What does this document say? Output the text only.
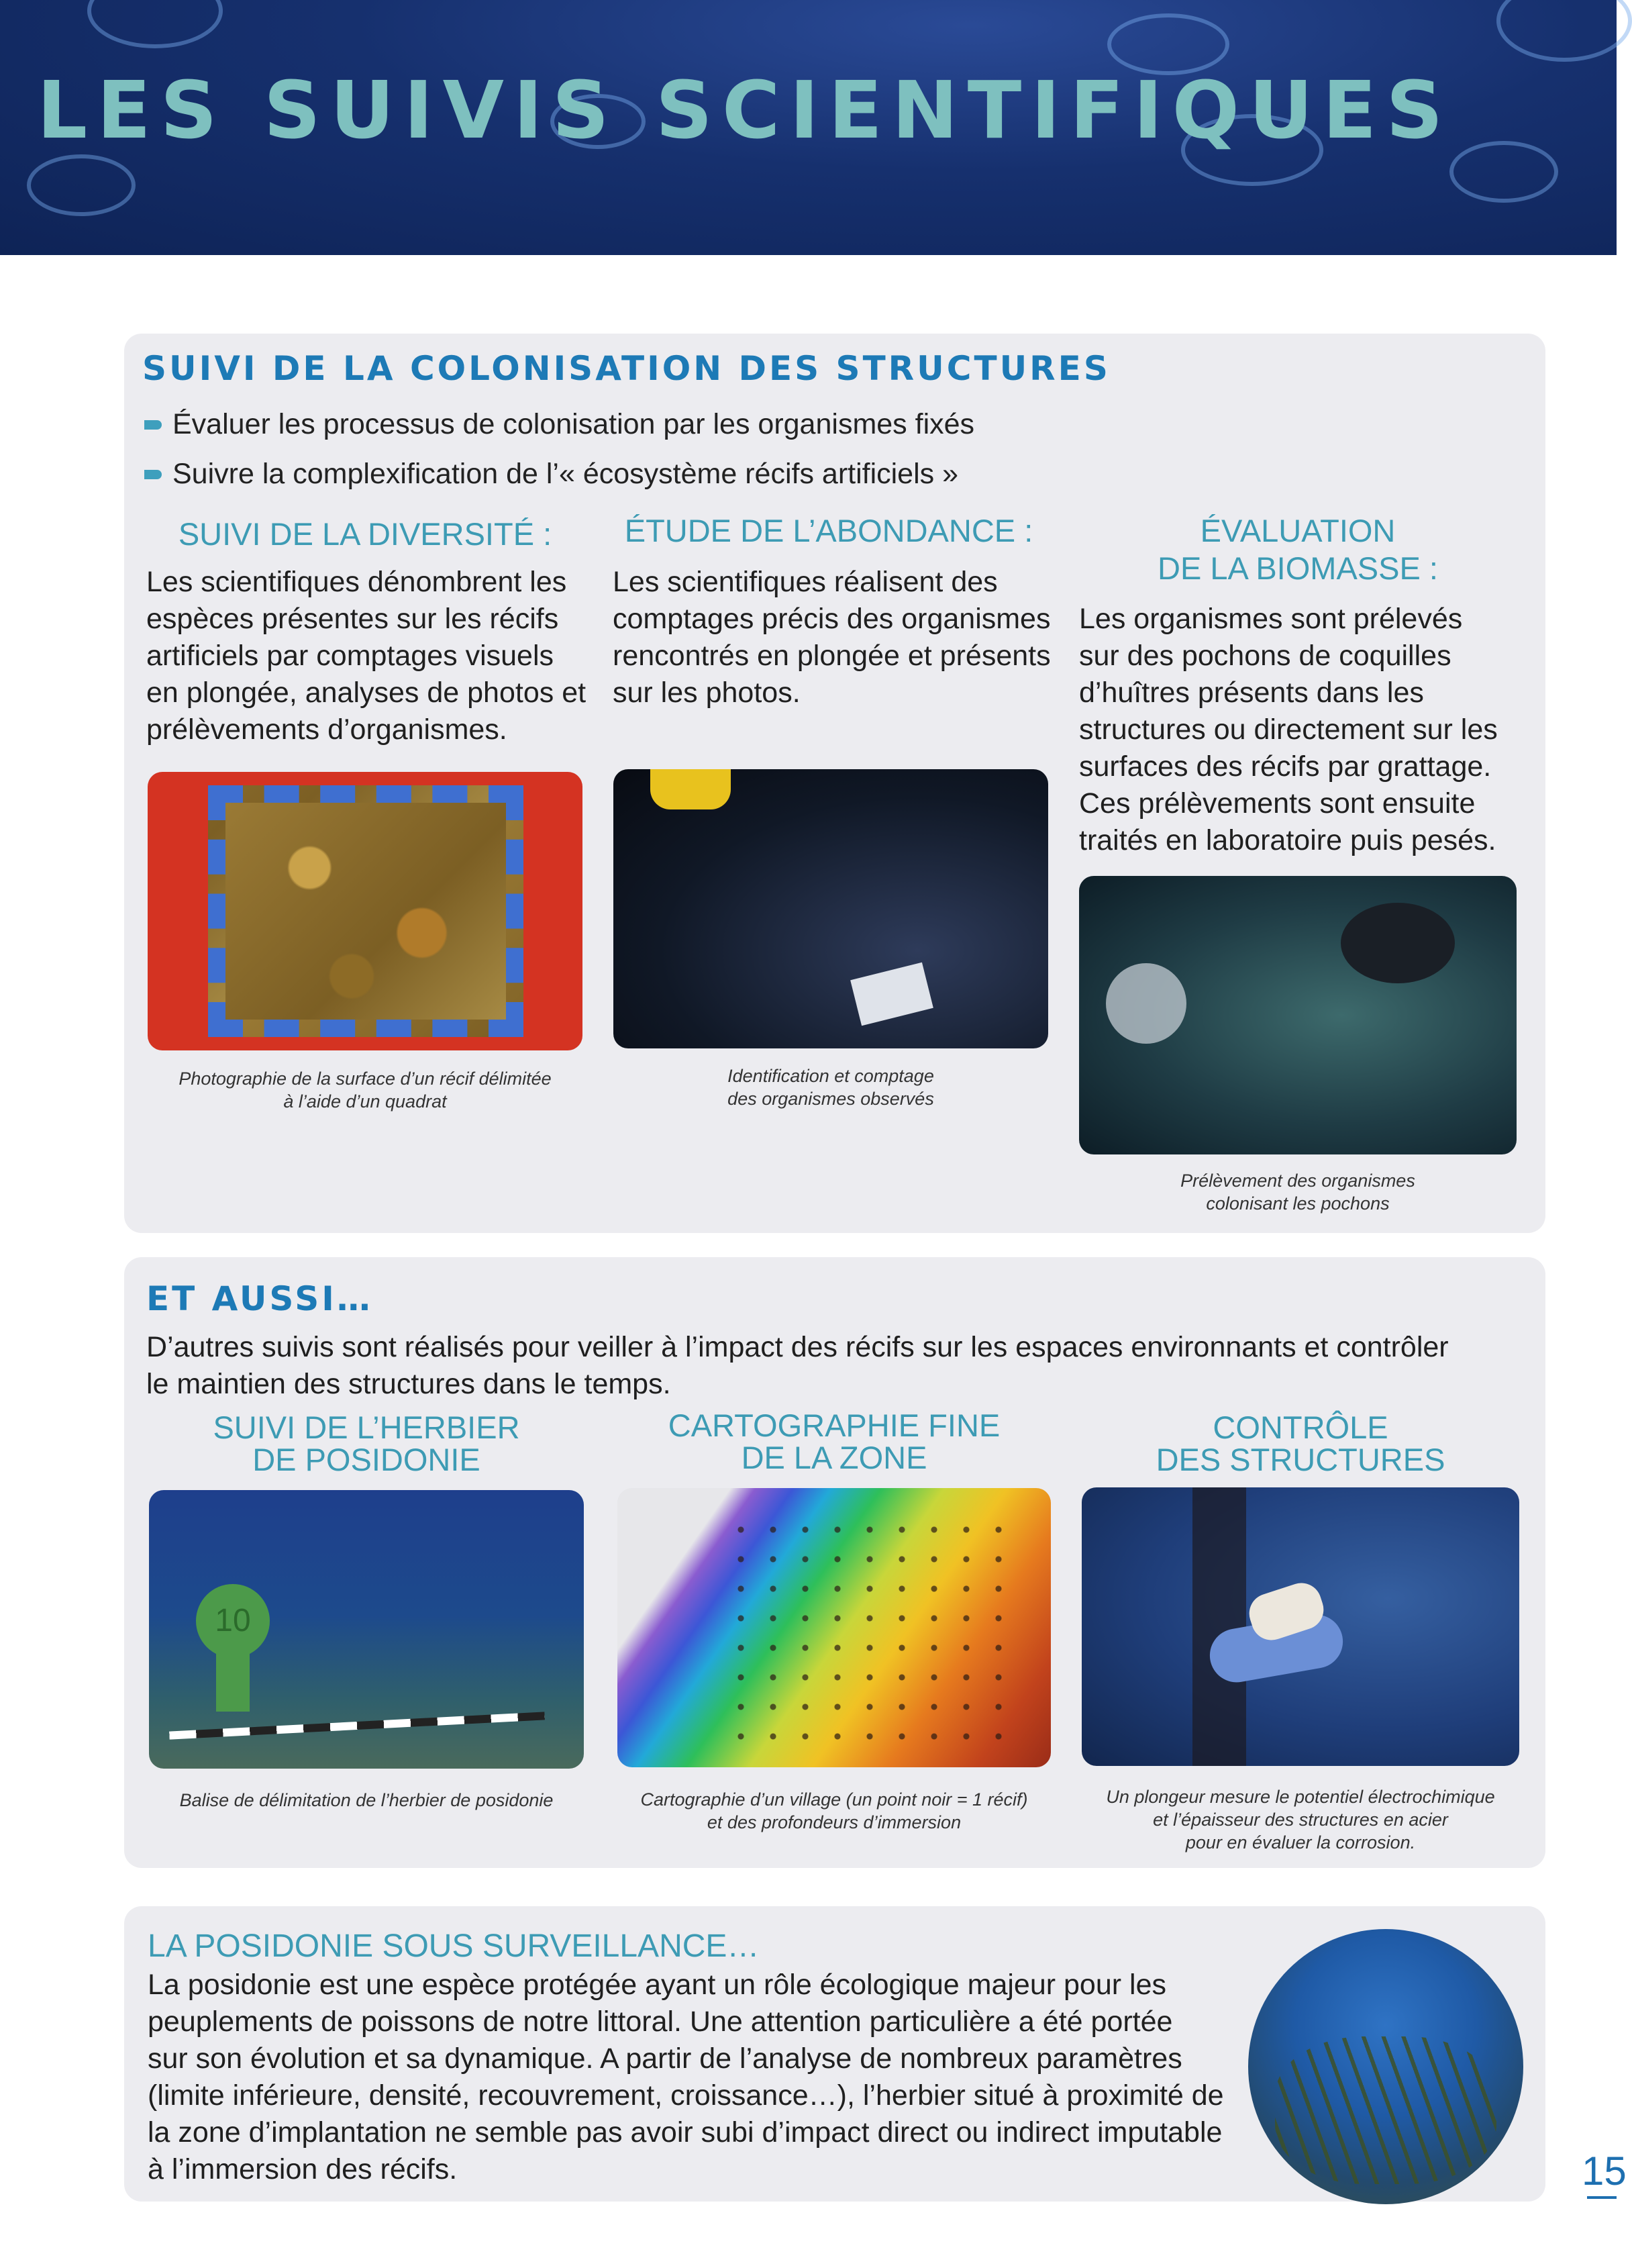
LES SUIVIS SCIENTIFIQUES
SUIVI DE LA COLONISATION DES STRUCTURES
Évaluer les processus de colonisation par les organismes fixés
Suivre la complexification de l’« écosystème récifs artificiels »
SUIVI DE LA DIVERSITÉ :	ÉTUDE DE L’ABONDANCE :	ÉVALUATION
DE LA BIOMASSE :
Les scientifiques dénombrent les
espèces présentes sur les récifs
artificiels par comptages visuels
en plongée, analyses de photos et
prélèvements d’organismes.
Les scientifiques réalisent des
comptages précis des organismes
rencontrés en plongée et présents
sur les photos.
Les organismes sont prélevés
sur des pochons de coquilles
d’huîtres présents dans les
structures ou directement sur les
surfaces des récifs par grattage.
Ces prélèvements sont ensuite
traités en laboratoire puis pesés.
Photographie de la surface d’un récif délimitée
à l’aide d’un quadrat
Identification et comptage
des organismes observés
Prélèvement des organismes
colonisant les pochons
ET AUSSI…
D’autres suivis sont réalisés pour veiller à l’impact des récifs sur les espaces environnants et contrôler
le maintien des structures dans le temps.
SUIVI DE L’HERBIER
DE POSIDONIE
CARTOGRAPHIE FINE
DE LA ZONE
CONTRÔLE
DES STRUCTURES
10
Balise de délimitation de l’herbier de posidonie	Cartographie d’un village (un point noir = 1 récif)
et des profondeurs d’immersion
Un plongeur mesure le potentiel électrochimique
et l’épaisseur des structures en acier
pour en évaluer la corrosion.
LA POSIDONIE SOUS SURVEILLANCE…
La posidonie est une espèce protégée ayant un rôle écologique majeur pour les
peuplements de poissons de notre littoral. Une attention particulière a été portée
sur son évolution et sa dynamique. A partir de l’analyse de nombreux paramètres
(limite inférieure, densité, recouvrement, croissance…), l’herbier situé à proximité de
la zone d’implantation ne semble pas avoir subi d’impact direct ou indirect imputable
à l’immersion des récifs.	15
